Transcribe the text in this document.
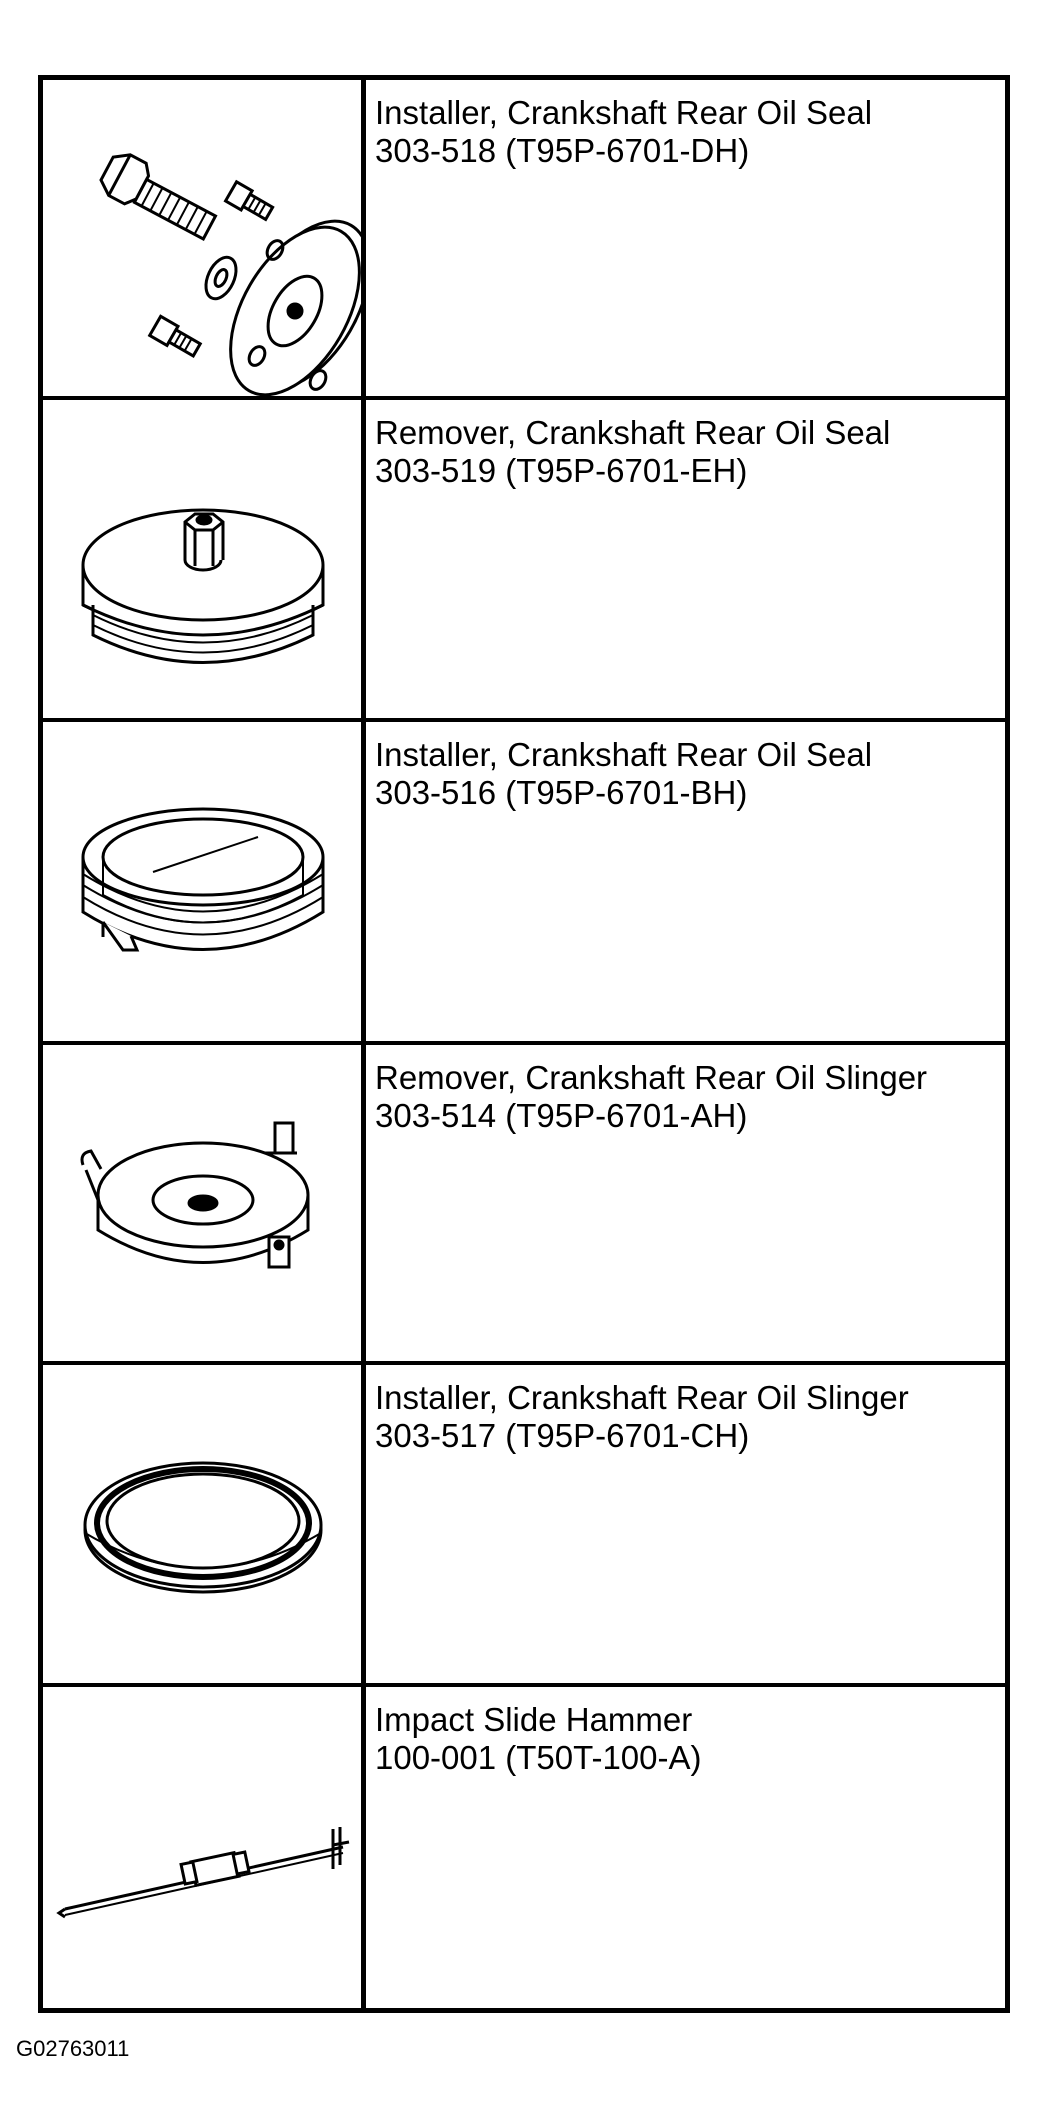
Installer, Crankshaft Rear Oil Seal
303-518 (T95P-6701-DH)
Remover, Crankshaft Rear Oil Seal
303-519 (T95P-6701-EH)
Installer, Crankshaft Rear Oil Seal
303-516 (T95P-6701-BH)
Remover, Crankshaft Rear Oil Slinger
303-514 (T95P-6701-AH)
Installer, Crankshaft Rear Oil Slinger
303-517 (T95P-6701-CH)
Impact Slide Hammer
100-001 (T50T-100-A)
G02763011
